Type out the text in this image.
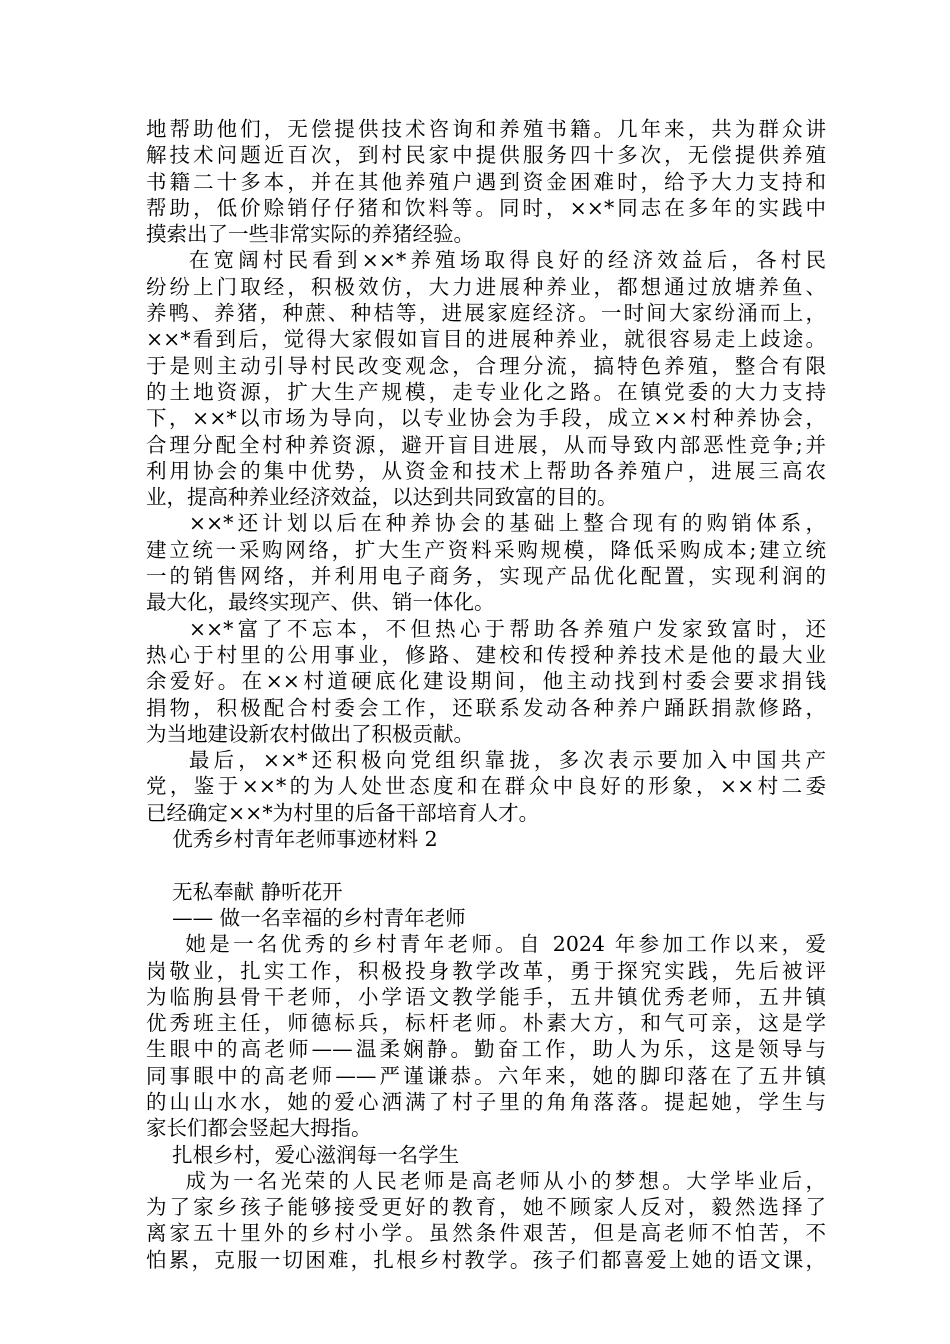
地帮助他们，无偿提供技术咨询和养殖书籍。几年来，共为群众讲
解技术问题近百次，到村民家中提供服务四十多次，无偿提供养殖
书籍二十多本，并在其他养殖户遇到资金困难时，给予大力支持和
帮助，低价赊销仔仔猪和饮料等。同时，××*同志在多年的实践中
摸索出了一些非常实际的养猪经验。
在宽阔村民看到××*养殖场取得良好的经济效益后，各村民
纷纷上门取经，积极效仿，大力进展种养业，都想通过放塘养鱼、
养鸭、养猪，种蔗、种桔等，进展家庭经济。一时间大家纷涌而上，
××*看到后，觉得大家假如盲目的进展种养业，就很容易走上歧途。
于是则主动引导村民改变观念，合理分流，搞特色养殖，整合有限
的土地资源，扩大生产规模，走专业化之路。在镇党委的大力支持
下，××*以市场为导向，以专业协会为手段，成立××村种养协会，
合理分配全村种养资源，避开盲目进展，从而导致内部恶性竞争;并
利用协会的集中优势，从资金和技术上帮助各养殖户，进展三高农
业，提高种养业经济效益，以达到共同致富的目的。
××*还计划以后在种养协会的基础上整合现有的购销体系，
建立统一采购网络，扩大生产资料采购规模，降低采购成本;建立统
一的销售网络，并利用电子商务，实现产品优化配置，实现利润的
最大化，最终实现产、供、销一体化。
××*富了不忘本，不但热心于帮助各养殖户发家致富时，还
热心于村里的公用事业，修路、建校和传授种养技术是他的最大业
余爱好。在××村道硬底化建设期间，他主动找到村委会要求捐钱
捐物，积极配合村委会工作，还联系发动各种养户踊跃捐款修路，
为当地建设新农村做出了积极贡献。
最后，××*还积极向党组织靠拢，多次表示要加入中国共产
党，鉴于××*的为人处世态度和在群众中良好的形象，××村二委
已经确定××*为村里的后备干部培育人才。
优秀乡村青年老师事迹材料 2
无私奉献 静听花开
—— 做一名幸福的乡村青年老师
她是一名优秀的乡村青年老师。自 2024 年参加工作以来，爱
岗敬业，扎实工作，积极投身教学改革，勇于探究实践，先后被评
为临朐县骨干老师，小学语文教学能手，五井镇优秀老师，五井镇
优秀班主任，师德标兵，标杆老师。朴素大方，和气可亲，这是学
生眼中的高老师——温柔娴静。勤奋工作，助人为乐，这是领导与
同事眼中的高老师——严谨谦恭。六年来，她的脚印落在了五井镇
的山山水水，她的爱心洒满了村子里的角角落落。提起她，学生与
家长们都会竖起大拇指。
扎根乡村，爱心滋润每一名学生
成为一名光荣的人民老师是高老师从小的梦想。大学毕业后，
为了家乡孩子能够接受更好的教育，她不顾家人反对，毅然选择了
离家五十里外的乡村小学。虽然条件艰苦，但是高老师不怕苦，不
怕累，克服一切困难，扎根乡村教学。孩子们都喜爱上她的语文课，
